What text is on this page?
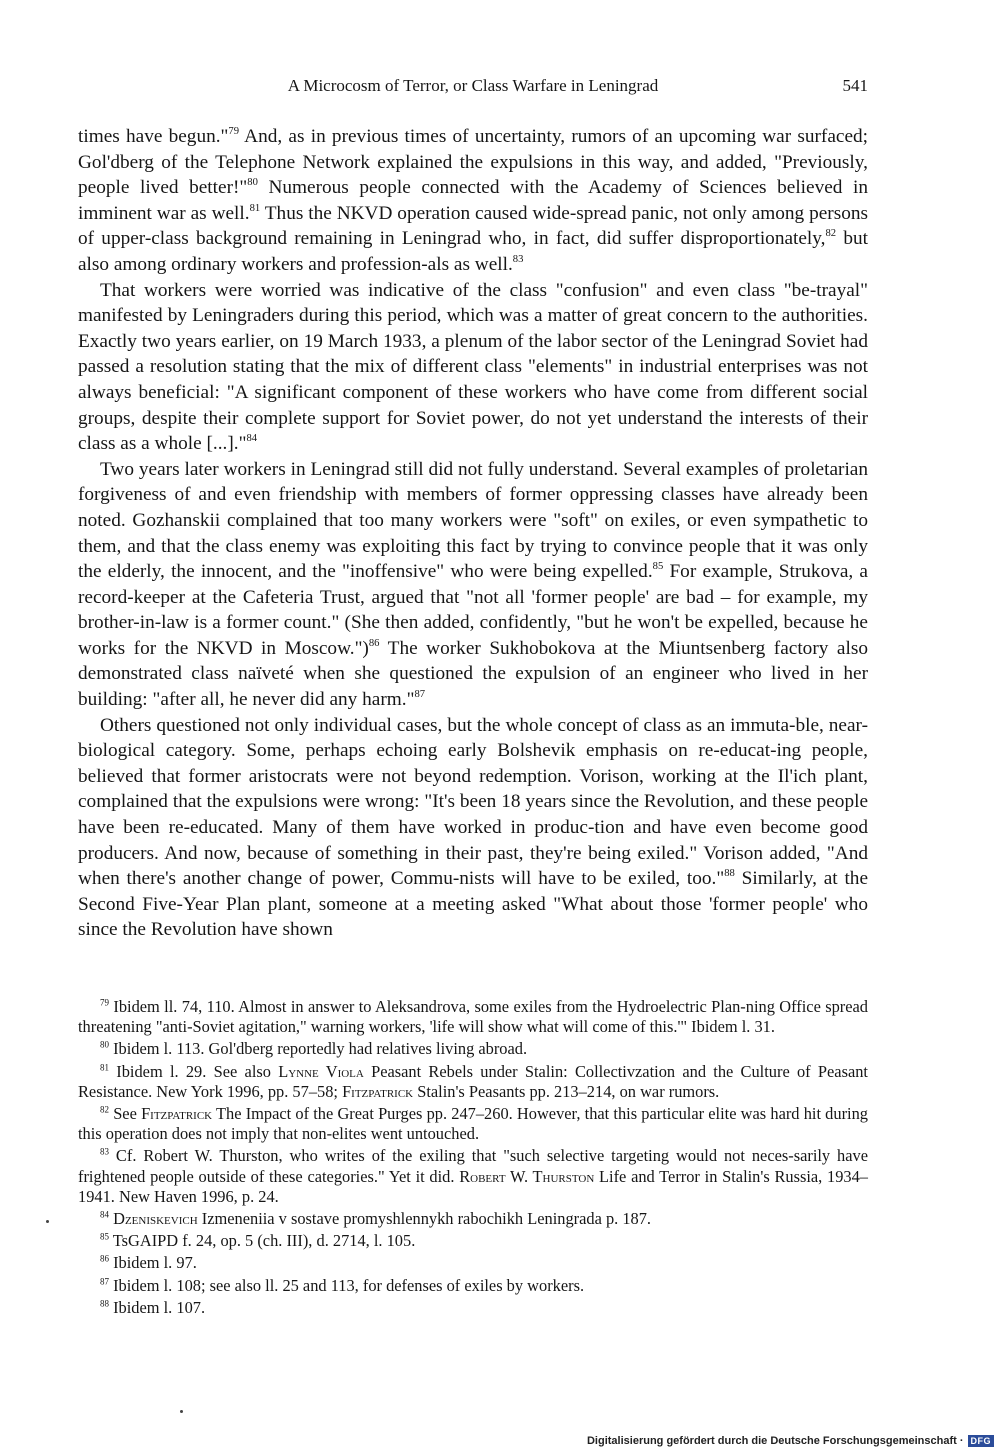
A Microcosm of Terror, or Class Warfare in Leningrad	541

times have begun."$^{79}$ And, as in previous times of uncertainty, rumors of an upcoming war surfaced; Gol'dberg of the Telephone Network explained the expulsions in this way, and added, "Previously, people lived better!"$^{80}$ Numerous people connected with the Academy of Sciences believed in imminent war as well.$^{81}$ Thus the NKVD operation caused wide-spread panic, not only among persons of upper-class background remaining in Leningrad who, in fact, did suffer disproportionately,$^{82}$ but also among ordinary workers and profession-als as well.$^{83}$

That workers were worried was indicative of the class "confusion" and even class "be-trayal" manifested by Leningraders during this period, which was a matter of great concern to the authorities. Exactly two years earlier, on 19 March 1933, a plenum of the labor sector of the Leningrad Soviet had passed a resolution stating that the mix of different class "elements" in industrial enterprises was not always beneficial: "A significant component of these workers who have come from different social groups, despite their complete support for Soviet power, do not yet understand the interests of their class as a whole [...]."$^{84}$

Two years later workers in Leningrad still did not fully understand. Several examples of proletarian forgiveness of and even friendship with members of former oppressing classes have already been noted. Gozhanskii complained that too many workers were "soft" on exiles, or even sympathetic to them, and that the class enemy was exploiting this fact by trying to convince people that it was only the elderly, the innocent, and the "inoffensive" who were being expelled.$^{85}$ For example, Strukova, a record-keeper at the Cafeteria Trust, argued that "not all 'former people' are bad – for example, my brother-in-law is a former count." (She then added, confidently, "but he won't be expelled, because he works for the NKVD in Moscow.")$^{86}$ The worker Sukhobokova at the Miuntsenberg factory also demonstrated class naïveté when she questioned the expulsion of an engineer who lived in her building: "after all, he never did any harm."$^{87}$

Others questioned not only individual cases, but the whole concept of class as an immuta-ble, near-biological category. Some, perhaps echoing early Bolshevik emphasis on re-educat-ing people, believed that former aristocrats were not beyond redemption. Vorison, working at the Il'ich plant, complained that the expulsions were wrong: "It's been 18 years since the Revolution, and these people have been re-educated. Many of them have worked in produc-tion and have even become good producers. And now, because of something in their past, they're being exiled." Vorison added, "And when there's another change of power, Commu-nists will have to be exiled, too."$^{88}$ Similarly, at the Second Five-Year Plan plant, someone at a meeting asked "What about those 'former people' who since the Revolution have shown

$^{79}$ Ibidem ll. 74, 110. Almost in answer to Aleksandrova, some exiles from the Hydroelectric Plan-ning Office spread threatening "anti-Soviet agitation," warning workers, 'life will show what will come of this.'" Ibidem l. 31.

$^{80}$ Ibidem l. 113. Gol'dberg reportedly had relatives living abroad.

$^{81}$ Ibidem l. 29. See also Lynne Viola Peasant Rebels under Stalin: Collectivzation and the Culture of Peasant Resistance. New York 1996, pp. 57–58; Fitzpatrick Stalin's Peasants pp. 213–214, on war rumors.

$^{82}$ See Fitzpatrick The Impact of the Great Purges pp. 247–260. However, that this particular elite was hard hit during this operation does not imply that non-elites went untouched.

$^{83}$ Cf. Robert W. Thurston, who writes of the exiling that "such selective targeting would not neces-sarily have frightened people outside of these categories." Yet it did. Robert W. Thurston Life and Terror in Stalin's Russia, 1934–1941. New Haven 1996, p. 24.

$^{84}$ Dzeniskevich Izmeneniia v sostave promyshlennykh rabochikh Leningrada p. 187.

$^{85}$ TsGAIPD f. 24, op. 5 (ch. III), d. 2714, l. 105.

$^{86}$ Ibidem l. 97.

$^{87}$ Ibidem l. 108; see also ll. 25 and 113, for defenses of exiles by workers.

$^{88}$ Ibidem l. 107.

Digitalisierung gefördert durch die Deutsche Forschungsgemeinschaft · DFG
